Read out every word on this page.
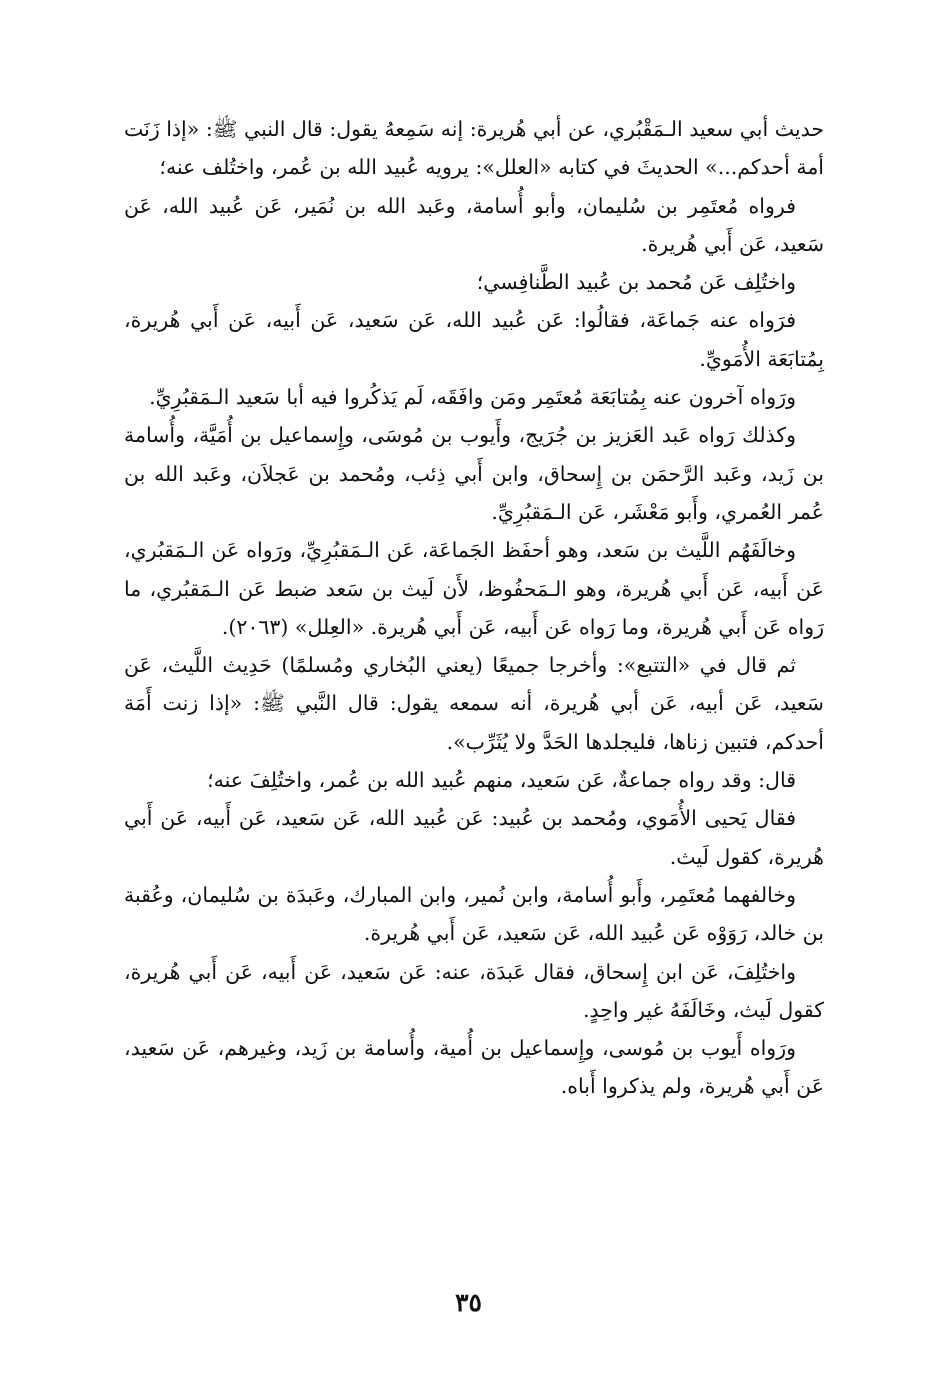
حديث أبي سعيد الـمَقْبُري، عن أبي هُريرة: إنه سَمِعهُ يقول: قال النبي ﷺ: «إذا زَنَت أمة أحدكم...» الحديثَ في كتابه «العلل»: يرويه عُبيد الله بن عُمر، واختُلف عنه؛

فرواه مُعتَمِر بن سُليمان، وأبو أُسامة، وعَبد الله بن نُمَير، عَن عُبيد الله، عَن سَعيد، عَن أَبي هُريرة.

واختُلِف عَن مُحمد بن عُبيد الطَّنافِسي؛

فرَواه عنه جَماعَة، فقالُوا: عَن عُبيد الله، عَن سَعيد، عَن أَبيه، عَن أَبي هُريرة، بِمُتابَعَة الأُمَويِّ.

ورَواه آخرون عنه بِمُتابَعَة مُعتَمِر ومَن وافَقَه، لَم يَذكُروا فيه أبا سَعيد الـمَقبُرِيِّ.

وكذلك رَواه عَبد العَزيز بن جُرَيج، وأَيوب بن مُوسَى، وإِسماعيل بن أُمَيَّة، وأُسامة بن زَيد، وعَبد الرَّحمَن بن إِسحاق، وابن أَبي ذِئب، ومُحمد بن عَجلاَن، وعَبد الله بن عُمر العُمري، وأَبو مَعْشَر، عَن الـمَقبُرِيِّ.

وخالَفَهُم اللَّيث بن سَعد، وهو أحفَظ الجَماعَة، عَن الـمَقبُرِيِّ، ورَواه عَن الـمَقبُري، عَن أَبيه، عَن أَبي هُريرة، وهو الـمَحفُوظ، لأَن لَيث بن سَعد ضبط عَن الـمَقبُري، ما رَواه عَن أَبي هُريرة، وما رَواه عَن أَبيه، عَن أَبي هُريرة. «العِلل» (٢٠٦٣).

ثم قال في «التتبع»: وأخرجا جميعًا (يعني البُخاري ومُسلمًا) حَدِيث اللَّيث، عَن سَعيد، عَن أبيه، عَن أبي هُريرة، أنه سمعه يقول: قال النَّبي ﷺ: «إذا زنت أَمَة أحدكم، فتبين زناها، فليجلدها الحَدَّ ولا يُثَرِّب».

قال: وقد رواه جماعةٌ، عَن سَعيد، منهم عُبيد الله بن عُمر، واختُلِفَ عنه؛

فقال يَحيى الأُمَوي، ومُحمد بن عُبيد: عَن عُبيد الله، عَن سَعيد، عَن أَبيه، عَن أَبي هُريرة، كقول لَيث.

وخالفهما مُعتَمِر، وأَبو أُسامة، وابن نُمير، وابن المبارك، وعَبدَة بن سُليمان، وعُقبة بن خالد، رَوَوْه عَن عُبيد الله، عَن سَعيد، عَن أَبي هُريرة.

واختُلِفَ، عَن ابن إِسحاق، فقال عَبدَة، عنه: عَن سَعيد، عَن أَبيه، عَن أَبي هُريرة، كقول لَيث، وخَالَفَهُ غير واحِدٍ.

ورَواه أَيوب بن مُوسى، وإِسماعيل بن أُمية، وأُسامة بن زَيد، وغيرهم، عَن سَعيد، عَن أَبي هُريرة، ولم يذكروا أَباه.

٣٥
